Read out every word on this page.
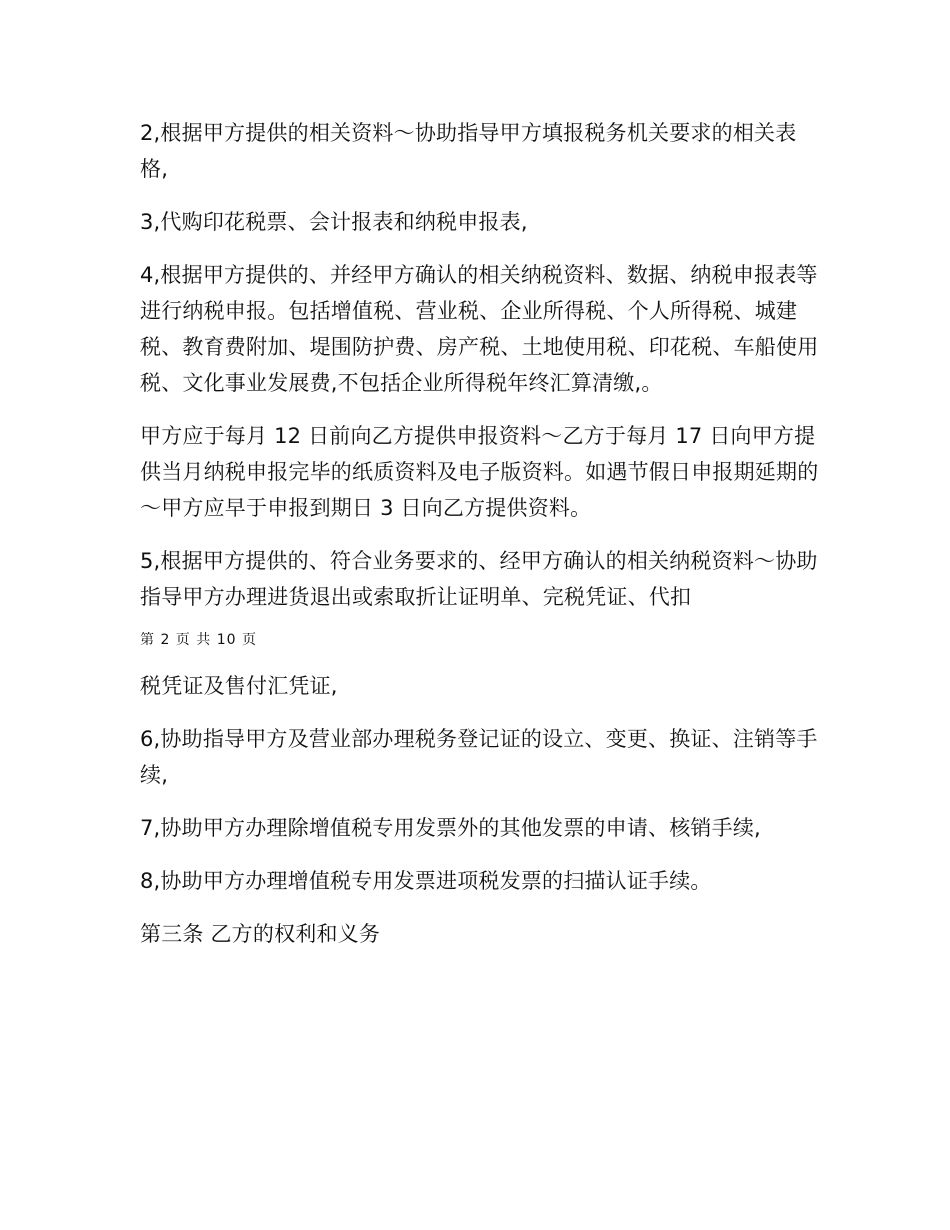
2,根据甲方提供的相关资料～协助指导甲方填报税务机关要求的相关表格,

3,代购印花税票、会计报表和纳税申报表,

4,根据甲方提供的、并经甲方确认的相关纳税资料、数据、纳税申报表等进行纳税申报。包括增值税、营业税、企业所得税、个人所得税、城建税、教育费附加、堤围防护费、房产税、土地使用税、印花税、车船使用税、文化事业发展费,不包括企业所得税年终汇算清缴,。

甲方应于每月 12 日前向乙方提供申报资料～乙方于每月 17 日向甲方提供当月纳税申报完毕的纸质资料及电子版资料。如遇节假日申报期延期的～甲方应早于申报到期日 3 日向乙方提供资料。

5,根据甲方提供的、符合业务要求的、经甲方确认的相关纳税资料～协助指导甲方办理进货退出或索取折让证明单、完税凭证、代扣

第 2 页 共 10 页

税凭证及售付汇凭证,

6,协助指导甲方及营业部办理税务登记证的设立、变更、换证、注销等手续,

7,协助甲方办理除增值税专用发票外的其他发票的申请、核销手续,

8,协助甲方办理增值税专用发票进项税发票的扫描认证手续。

第三条 乙方的权利和义务
